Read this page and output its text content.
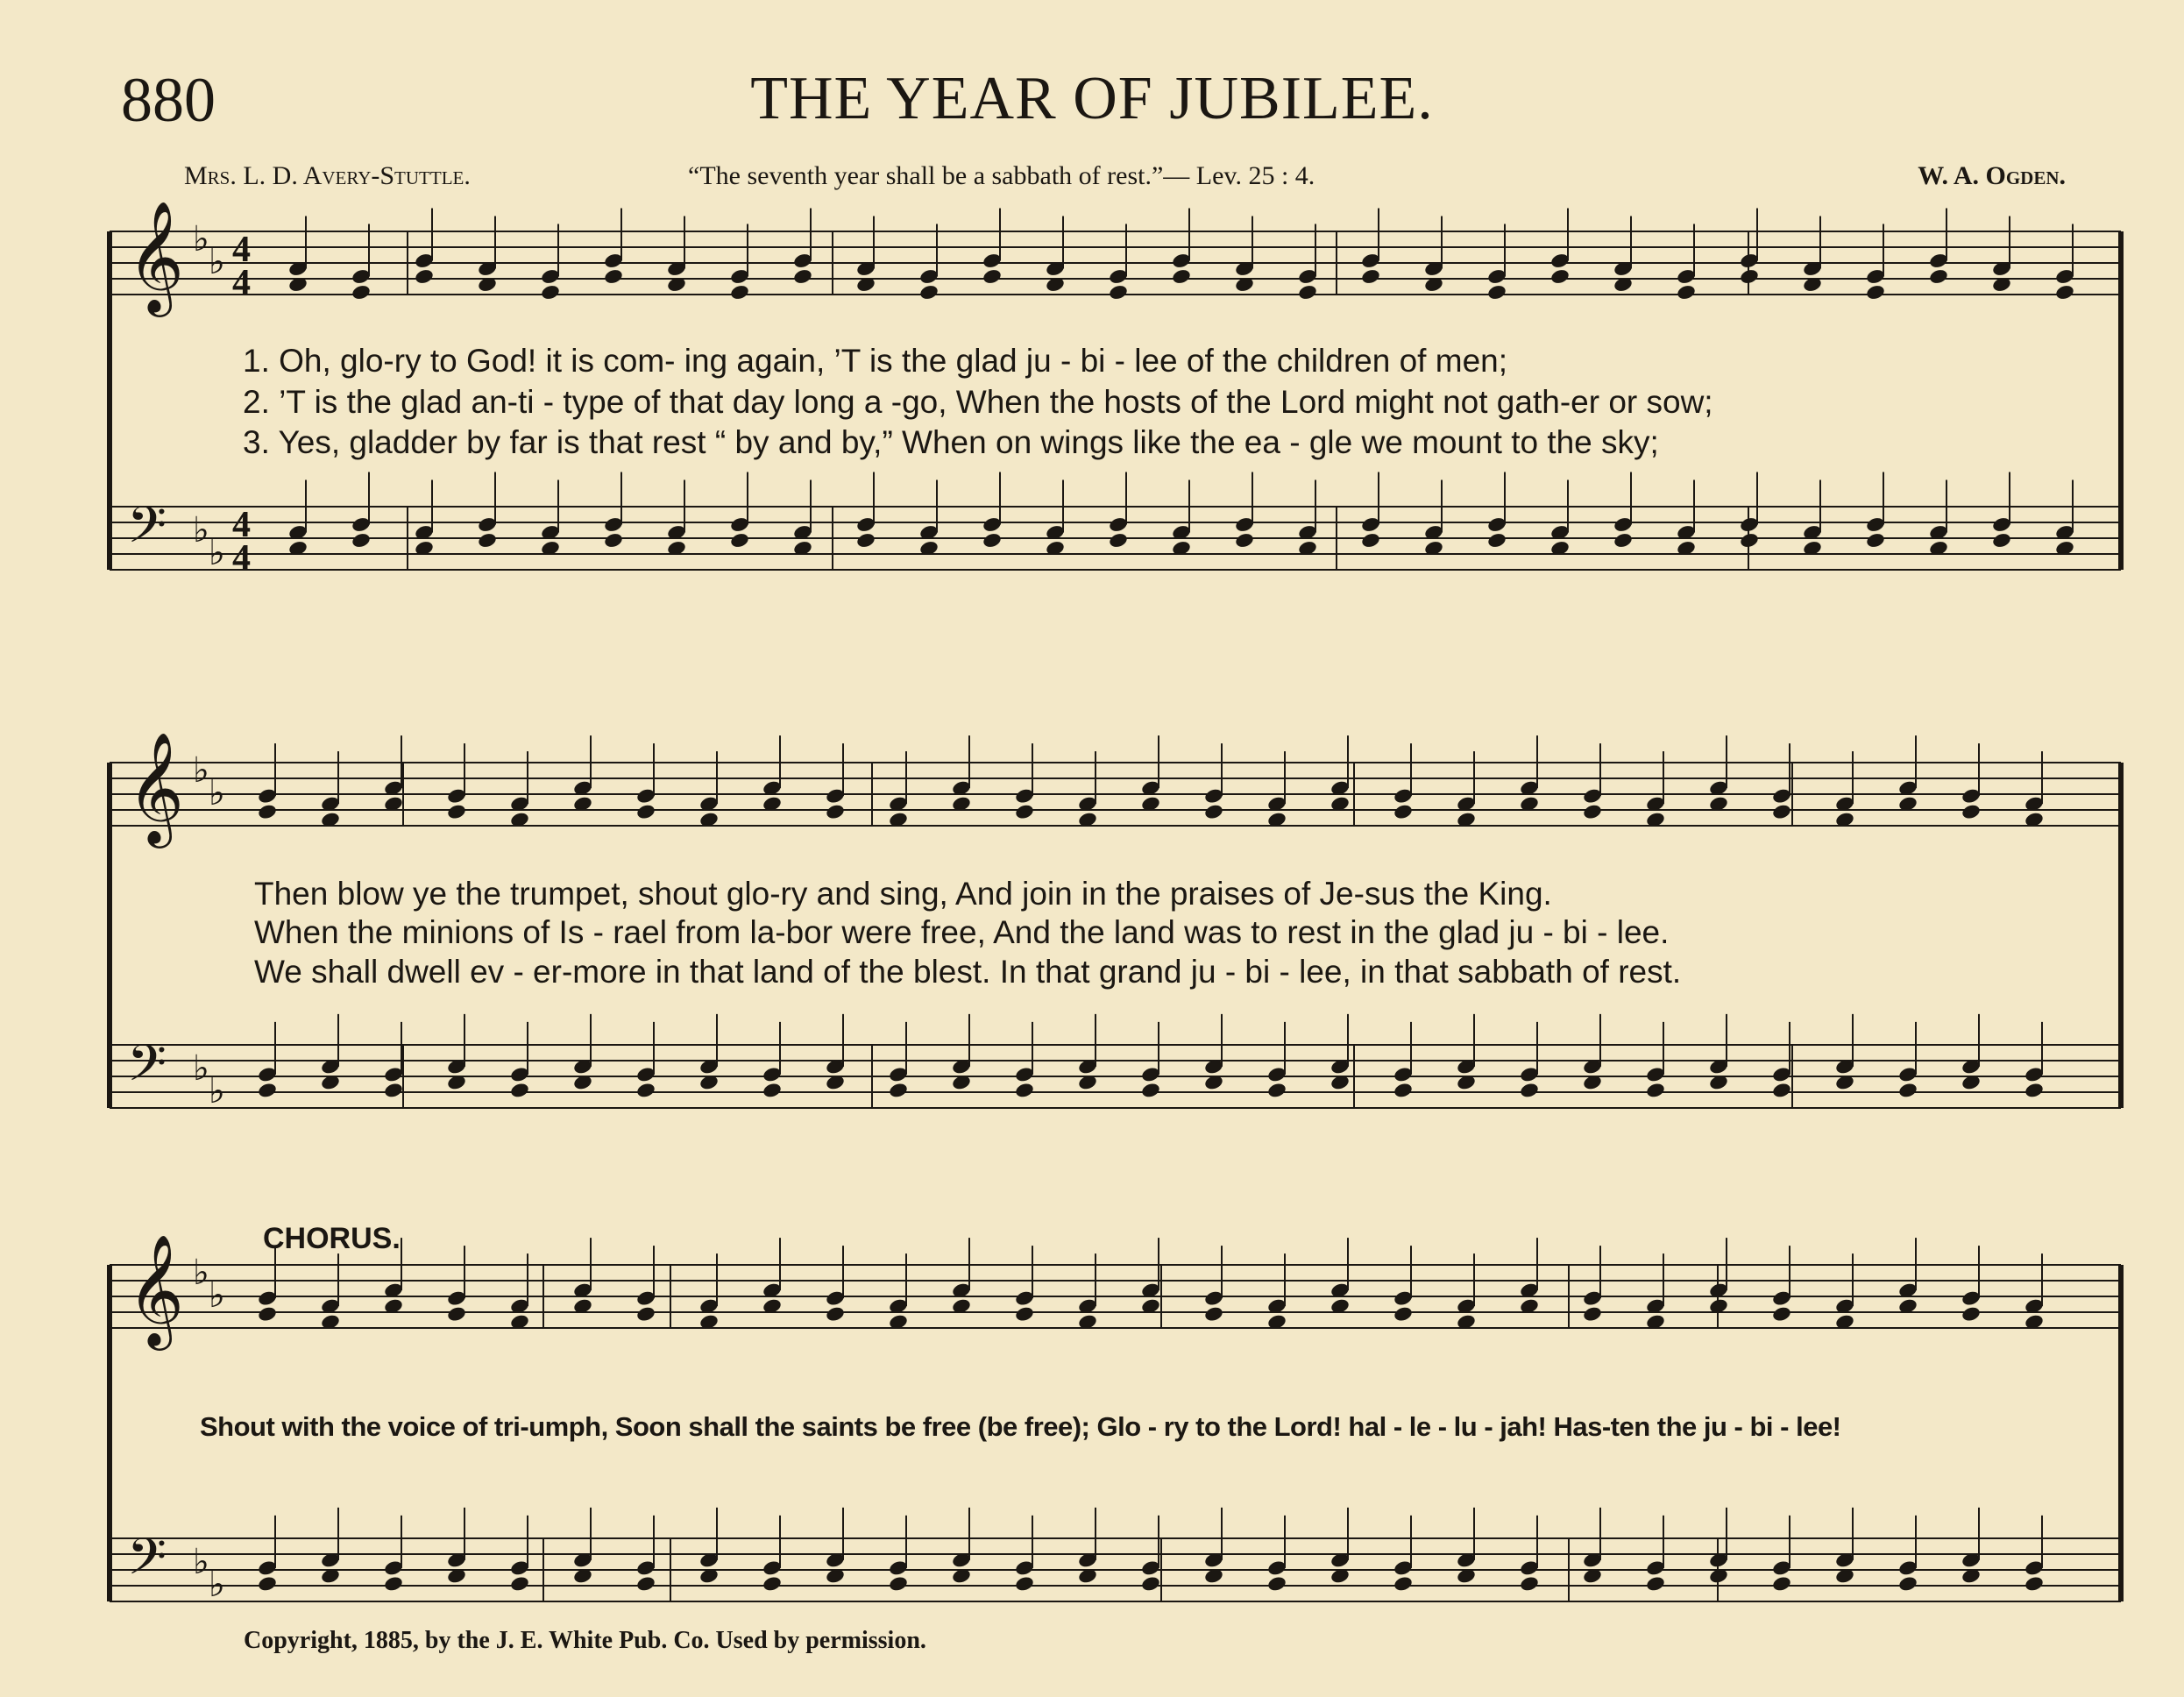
880	THE YEAR OF JUBILEE.
Mrs. L. D. Avery-Stuttle.	“The seventh year shall be a sabbath of rest.”— Lev. 25 : 4.	W. A. Ogden.
𝄞 ♭
♭ 4
4
𝄢 ♭
♭
4
4
𝄞 ♭
♭
𝄢 ♭
♭
𝄞 ♭
♭
𝄢 ♭
♭
1. Oh, glo-ry to God! it is com- ing again, ’T is the glad ju - bi - lee of the children of men;
2. ’T is the glad an-ti - type of that day long a -go, When the hosts of the Lord might not gath-er or sow;
3. Yes, gladder by far is that rest “ by and by,” When on wings like the ea - gle we mount to the sky;
Then blow ye the trumpet, shout glo-ry and sing, And join in the praises of Je-sus the King.
When the minions of Is - rael from la-bor were free, And the land was to rest in the glad ju - bi - lee.
We shall dwell ev - er-more in that land of the blest. In that grand ju - bi - lee, in that sabbath of rest.
CHORUS.
Shout with the voice of tri-umph, Soon shall the saints be free (be free); Glo - ry to the Lord! hal - le - lu - jah! Has-ten the ju - bi - lee!
Copyright, 1885, by the J. E. White Pub. Co. Used by permission.
